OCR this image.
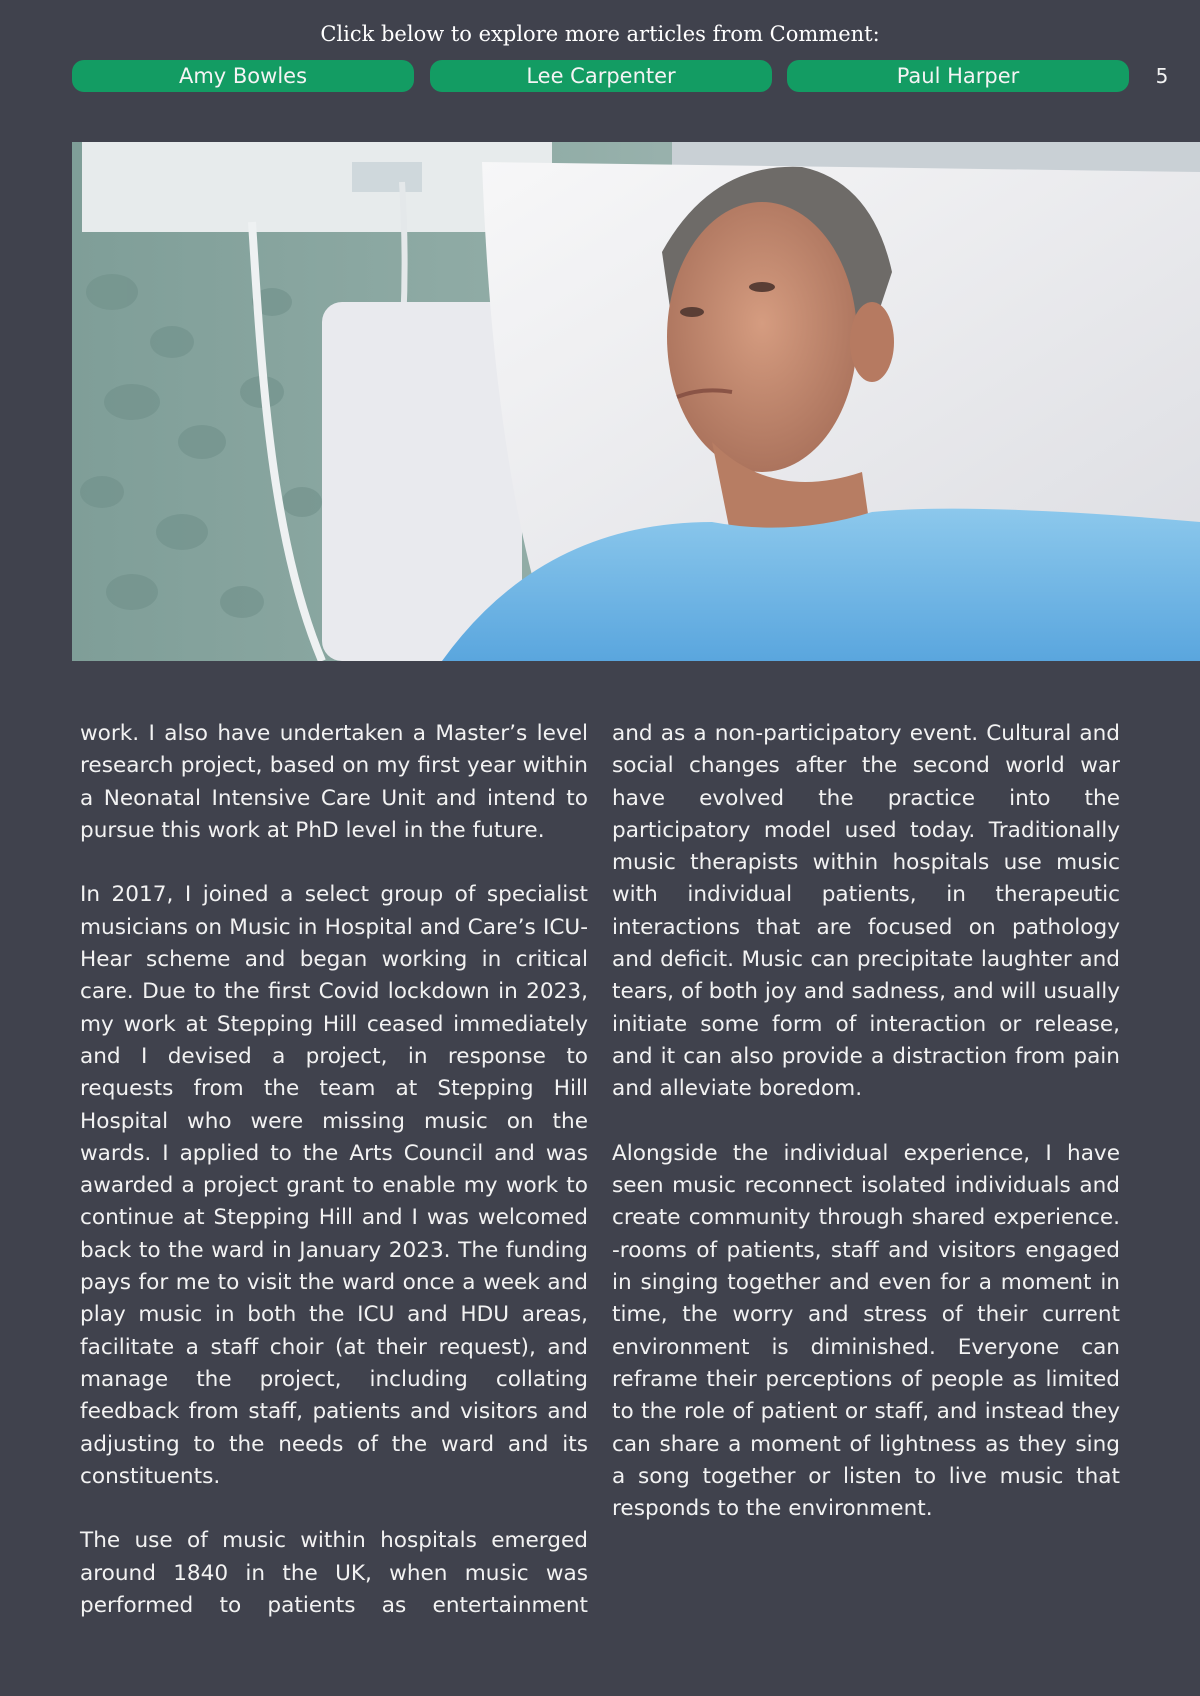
Click below to explore more articles from Comment:
Amy Bowles	Lee Carpenter	Paul Harper	5

work. I also have undertaken a Master’s level research project, based on my first year within a Neonatal Intensive Care Unit and intend to pursue this work at PhD level in the future.

In 2017, I joined a select group of specialist musicians on Music in Hospital and Care’s ICU-Hear scheme and began working in critical care. Due to the first Covid lockdown in 2023, my work at Stepping Hill ceased immediately and I devised a project, in response to requests from the team at Stepping Hill Hospital who were missing music on the wards. I applied to the Arts Council and was awarded a project grant to enable my work to continue at Stepping Hill and I was welcomed back to the ward in January 2023. The funding pays for me to visit the ward once a week and play music in both the ICU and HDU areas, facilitate a staff choir (at their request), and manage the project, including collating feedback from staff, patients and visitors and adjusting to the needs of the ward and its constituents.

The use of music within hospitals emerged around 1840 in the UK, when music was performed to patients as entertainment

and as a non-participatory event. Cultural and social changes after the second world war have evolved the practice into the participatory model used today. Traditionally music therapists within hospitals use music with individual patients, in therapeutic interactions that are focused on pathology and deficit. Music can precipitate laughter and tears, of both joy and sadness, and will usually initiate some form of interaction or release, and it can also provide a distraction from pain and alleviate boredom.

Alongside the individual experience, I have seen music reconnect isolated individuals and create community through shared experience. -rooms of patients, staff and visitors engaged in singing together and even for a moment in time, the worry and stress of their current environment is diminished. Everyone can reframe their perceptions of people as limited to the role of patient or staff, and instead they can share a moment of lightness as they sing a song together or listen to live music that responds to the environment.
